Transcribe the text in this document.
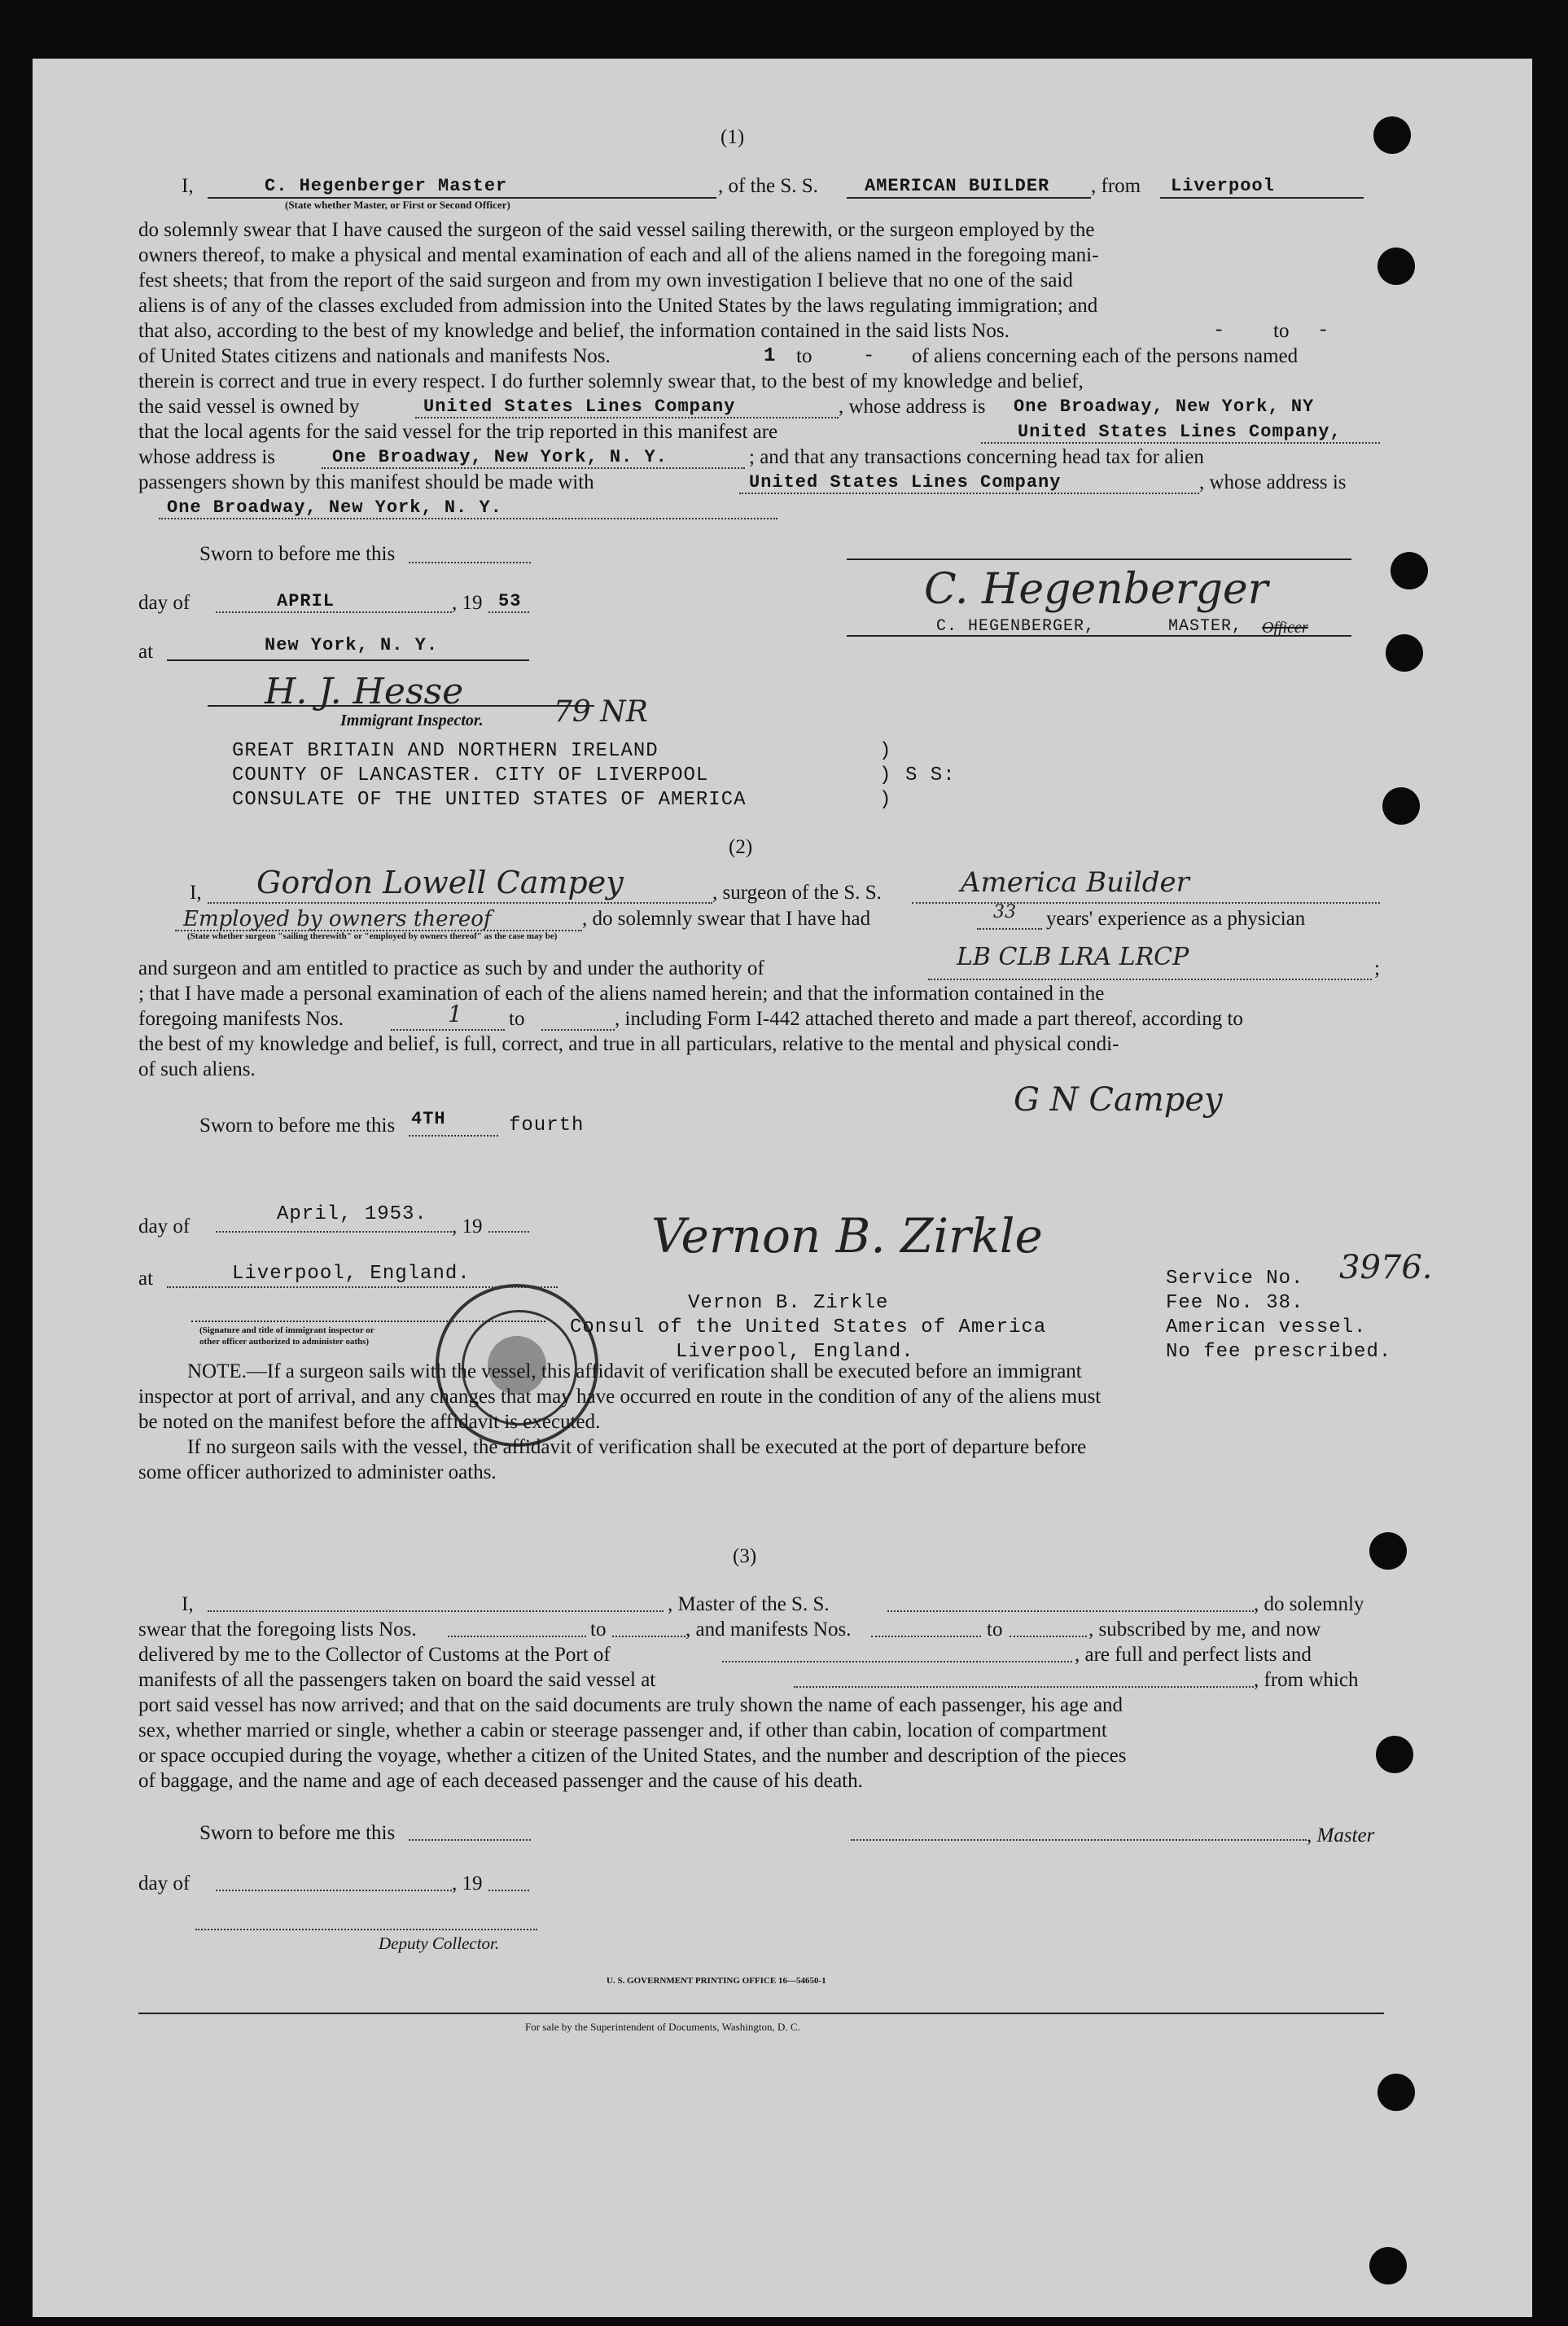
(1)
I,	C. Hegenberger Master
(State whether Master, or First or Second Officer)
, of the S. S.	AMERICAN BUILDER , from Liverpool
do solemnly swear that I have caused the surgeon of the said vessel sailing therewith, or the surgeon employed by the
owners thereof, to make a physical and mental examination of each and all of the aliens named in the foregoing mani-
fest sheets; that from the report of the said surgeon and from my own investigation I believe that no one of the said
aliens is of any of the classes excluded from admission into the United States by the laws regulating immigration; and
that also, according to the best of my knowledge and belief, the information contained in the said lists Nos.	- to -
of United States citizens and nationals and manifests Nos.	1 to	- of aliens concerning each of the persons named
therein is correct and true in every respect. I do further solemnly swear that, to the best of my knowledge and belief,
the said vessel is owned by	United States Lines Company	, whose address is One Broadway, New York, NY
that the local agents for the said vessel for the trip reported in this manifest are	United States Lines Company,
whose address is	One Broadway, New York, N. Y.	; and that any transactions concerning head tax for alien
passengers shown by this manifest should be made with	United States Lines Company	, whose address is
One Broadway, New York, N. Y.
Sworn to before me this
day of	APRIL	, 19 53
at	New York, N. Y.
H. J. Hesse
Immigrant Inspector. 79 NR
C. Hegenberger
C. HEGENBERGER,	MASTER, Officer
GREAT BRITAIN AND NORTHERN IRELAND
COUNTY OF LANCASTER. CITY OF LIVERPOOL
CONSULATE OF THE UNITED STATES OF AMERICA
)
)
)
S S:
(2)
I, Gordon Lowell Campey	, surgeon of the S. S.	America Builder
Employed by owners thereof	, do solemnly swear that I have had	33 years' experience as a physician
(State whether surgeon "sailing therewith" or "employed by owners thereof" as the case may be)
and surgeon and am entitled to practice as such by and under the authority of	LB CLB LRA LRCP	;
; that I have made a personal examination of each of the aliens named herein; and that the information contained in the
foregoing manifests Nos.	1 to	, including Form I-442 attached thereto and made a part thereof, according to
the best of my knowledge and belief, is full, correct, and true in all particulars, relative to the mental and physical condi-
of such aliens.
G N Campey
Sworn to before me this 4TH	fourth
day of
April, 1953.
, 19
at	Liverpool, England.
Vernon B. Zirkle
Vernon B. Zirkle
Consul of the United States of America
Liverpool, England.
Service No. 3976.
Fee No. 38.
American vessel.
No fee prescribed.
(Signature and title of immigrant inspector or
other officer authorized to administer oaths)
NOTE.—If a surgeon sails with the vessel, this affidavit of verification shall be executed before an immigrant
inspector at port of arrival, and any changes that may have occurred en route in the condition of any of the aliens must
be noted on the manifest before the affidavit is executed.
If no surgeon sails with the vessel, the affidavit of verification shall be executed at the port of departure before
some officer authorized to administer oaths.
(3)
I,	, Master of the S. S.	, do solemnly
swear that the foregoing lists Nos.	to	, and manifests Nos.	to	, subscribed by me, and now
delivered by me to the Collector of Customs at the Port of	, are full and perfect lists and
manifests of all the passengers taken on board the said vessel at	, from which
port said vessel has now arrived; and that on the said documents are truly shown the name of each passenger, his age and
sex, whether married or single, whether a cabin or steerage passenger and, if other than cabin, location of compartment
or space occupied during the voyage, whether a citizen of the United States, and the number and description of the pieces
of baggage, and the name and age of each deceased passenger and the cause of his death.
Sworn to before me this	, Master
day of	, 19
Deputy Collector.
U. S. GOVERNMENT PRINTING OFFICE 16—54650-1
For sale by the Superintendent of Documents, Washington, D. C.
